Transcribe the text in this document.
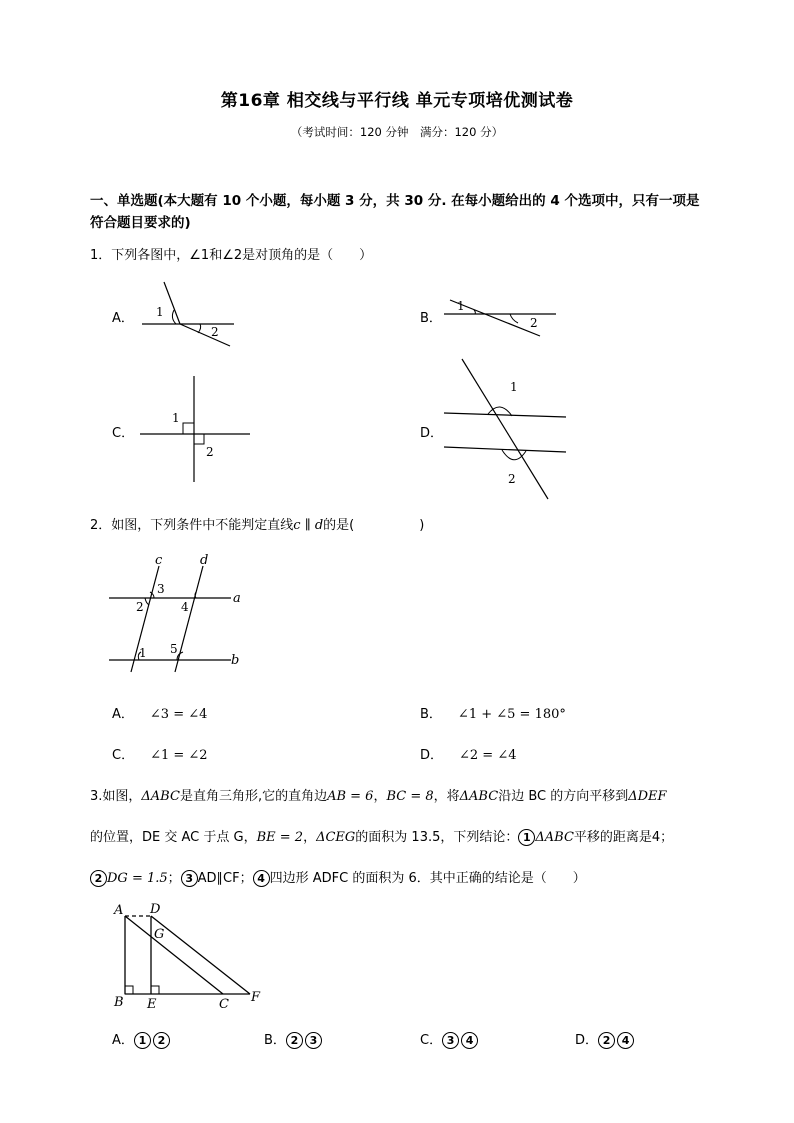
第16章 相交线与平行线 单元专项培优测试卷
（考试时间：120 分钟　满分：120 分）
一、单选题(本大题有 10 个小题，每小题 3 分，共 30 分. 在每小题给出的 4 个选项中，只有一项是符合题目要求的)
1．下列各图中，∠1和∠2是对顶角的是（　　）
A． 1
2
B．
1
2
C．
1
2
D．
1
2
2．如图，下列条件中不能判定直线c ∥ d的是(　　　　　)
c	d
a
b
3
2	4
1 5
A． ∠3 = ∠4	B． ∠1 + ∠5 = 180°
C． ∠1 = ∠2	D． ∠2 = ∠4
3.如图，ΔABC是直角三角形,它的直角边AB = 6，BC = 8，将ΔABC沿边 BC 的方向平移到ΔDEF
的位置，DE 交 AC 于点 G，BE = 2，ΔCEG的面积为 13.5，下列结论： 1 ΔABC平移的距离是4；
2 DG = 1.5； 3 AD∥CF； 4 四边形 ADFC 的面积为 6．其中正确的结论是（　　）
A D
G
B E	C F
A． 1 2	B． 2 3	C． 3 4	D． 2 4
